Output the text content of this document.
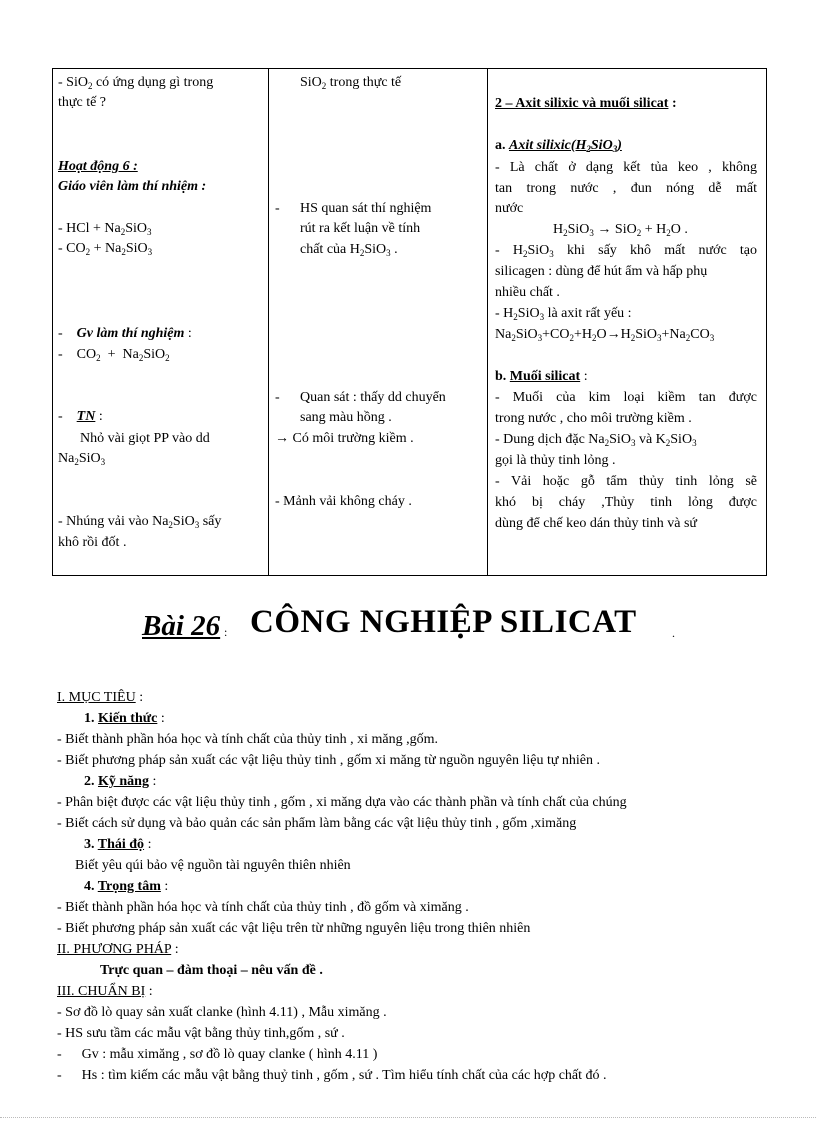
- SiO$_2$ có ứng dụng gì trong
thực tế ?
Hoạt động 6 :
Giáo viên làm thí nhiệm :
- HCl + $Na_2SiO_3$
- $CO_2 + Na_2SiO_3$
- Gv làm thí nghiệm :
-    $CO_2 + Na_2SiO_2$
- TN :
Nhỏ vài giọt PP vào dd
$Na_2SiO_3$
- Nhúng vải vào $Na_2SiO_3$ sấy
khô rồi đốt .
SiO$_2$ trong thực tế
- HS quan sát thí nghiệm
rút ra kết luận về tính
chất của $H_2SiO_3$ .
- Quan sát : thấy dd chuyển
sang màu hồng .
→ Có môi trường kiềm .
- Mảnh vải không cháy .
2 – Axit silixic và muối silicat :
a. Axit $silixic(H_2SiO_3)$
- Là chất ở dạng kết tủa keo , không
tan trong nước , đun nóng dễ mất
nước
$H_2SiO_3 \to SiO_2 + H_2O$ .
- $H_2SiO_3$ khi sấy khô mất nước tạo
silicagen : dùng để hút ẩm và hấp phụ
nhiều chất .
- $H_2SiO_3$ là axit rất yếu :
$Na_2SiO_3+CO_2+H_2O\to H_2SiO_3+Na_2CO_3$
b. Muối silicat :
- Muối của kim loại kiềm tan được
trong nước , cho môi trường kiềm .
- Dung dịch đặc $Na_2SiO_3$ và $K_2SiO_3$
gọi là thủy tinh lỏng .
- Vải hoặc gỗ tẩm thủy tinh lỏng sẽ
khó bị cháy ,Thủy tinh lỏng được
dùng để chế keo dán thủy tinh và sứ
Bài 26 : CÔNG NGHIỆP SILICAT	.
I. MỤC TIÊU :
1. Kiến thức :
- Biết thành phần hóa học và tính chất của thủy tinh , xi măng ,gốm.
- Biết phương pháp sản xuất các vật liệu thủy tinh , gốm xi măng từ nguồn nguyên liệu tự nhiên .
2. Kỹ năng :
- Phân biệt được các vật liệu thủy tinh , gốm , xi măng dựa vào các thành phần và tính chất của chúng
- Biết cách sử dụng và bảo quản các sản phẩm làm bằng các vật liệu thủy tinh , gốm ,ximăng
3. Thái độ :
Biết yêu qúi bảo vệ nguồn tài nguyên thiên nhiên
4. Trọng tâm :
- Biết thành phần hóa học và tính chất của thủy tinh , đồ gốm và ximăng .
- Biết phương pháp sản xuất các vật liệu trên từ những nguyên liệu trong thiên nhiên
II. PHƯƠNG PHÁP :
Trực quan – đàm thoại – nêu vấn đề .
III. CHUẨN BỊ :
- Sơ đồ lò quay sản xuất clanke (hình 4.11) , Mẫu ximăng .
- HS sưu tầm các mẫu vật bằng thủy tinh,gốm , sứ .
- Gv : mẫu ximăng , sơ đồ lò quay clanke ( hình 4.11 )
- Hs : tìm kiếm các mẫu vật bằng thuỷ tinh , gốm , sứ . Tìm hiểu tính chất của các hợp chất đó .
